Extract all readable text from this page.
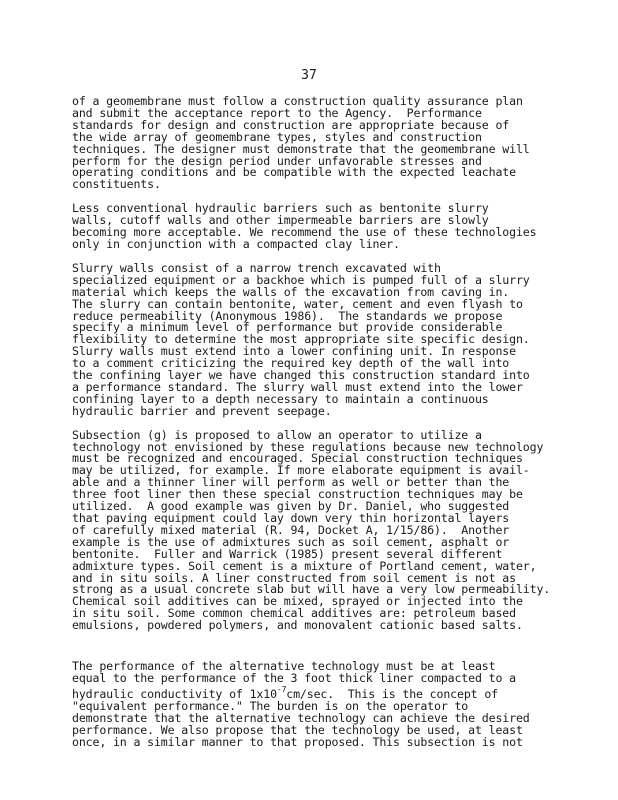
37
of a geomembrane must follow a construction quality assurance plan
and submit the acceptance report to the Agency.  Performance
standards for design and construction are appropriate because of
the wide array of geomembrane types, styles and construction
techniques. The designer must demonstrate that the geomembrane will
perform for the design period under unfavorable stresses and
operating conditions and be compatible with the expected leachate
constituents.
Less conventional hydraulic barriers such as bentonite slurry
walls, cutoff walls and other impermeable barriers are slowly
becoming more acceptable. We recommend the use of these technologies
only in conjunction with a compacted clay liner.
Slurry walls consist of a narrow trench excavated with
specialized equipment or a backhoe which is pumped full of a slurry
material which keeps the walls of the excavation from caving in.
The slurry can contain bentonite, water, cement and even flyash to
reduce permeability (Anonymous 1986).  The standards we propose
specify a minimum level of performance but provide considerable
flexibility to determine the most appropriate site specific design.
Slurry walls must extend into a lower confining unit. In response
to a comment criticizing the required key depth of the wall into
the confining layer we have changed this construction standard into
a performance standard. The slurry wall must extend into the lower
confining layer to a depth necessary to maintain a continuous
hydraulic barrier and prevent seepage.
Subsection (g) is proposed to allow an operator to utilize a
technology not envisioned by these regulations because new technology
must be recognized and encouraged. Special construction techniques
may be utilized, for example. If more elaborate equipment is avail-
able and a thinner liner will perform as well or better than the
three foot liner then these special construction techniques may be
utilized.  A good example was given by Dr. Daniel, who suggested
that paving equipment could lay down very thin horizontal layers
of carefully mixed material (R. 94, Docket A, 1/15/86).  Another
example is the use of admixtures such as soil cement, asphalt or
bentonite.  Fuller and Warrick (1985) present several different
admixture types. Soil cement is a mixture of Portland cement, water,
and in situ soils. A liner constructed from soil cement is not as
strong as a usual concrete slab but will have a very low permeability.
Chemical soil additives can be mixed, sprayed or injected into the
in situ soil. Some common chemical additives are: petroleum based
emulsions, powdered polymers, and monovalent cationic based salts.
The performance of the alternative technology must be at least
equal to the performance of the 3 foot thick liner compacted to a
hydraulic conductivity of $1x10^{-7}cm/\sec$.  This is the concept of
"equivalent performance." The burden is on the operator to
demonstrate that the alternative technology can achieve the desired
performance. We also propose that the technology be used, at least
once, in a similar manner to that proposed. This subsection is not
